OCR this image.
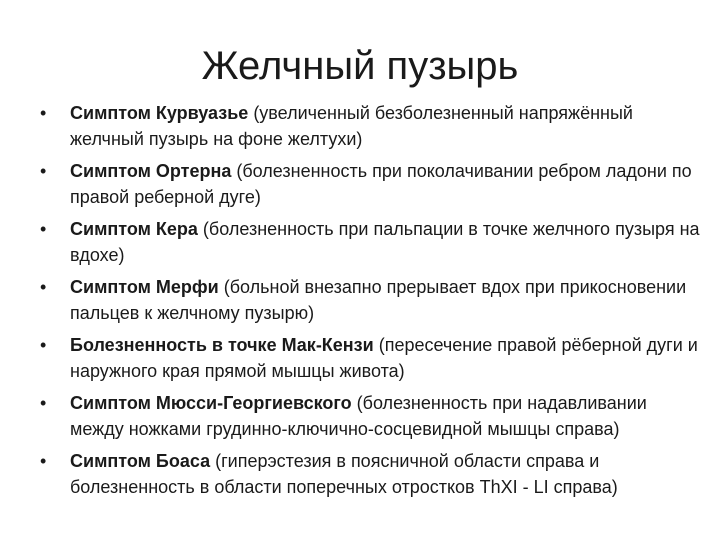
Желчный пузырь
•	Симптом Курвуазье (увеличенный безболезненный напряжённый желчный пузырь на фоне желтухи)
•	Симптом Ортерна (болезненность при поколачивании ребром ладони по правой реберной дуге)
•	Симптом Кера (болезненность при пальпации в точке желчного пузыря на вдохе)
•	Симптом Мерфи (больной внезапно прерывает вдох при прикосновении пальцев к желчному пузырю)
•	Болезненность в точке Мак-Кензи (пересечение правой рёберной дуги и наружного края прямой мышцы живота)
•	Симптом Мюсси-Георгиевского (болезненность при надавливании между ножками грудинно-ключично-сосцевидной мышцы справа)
•	Симптом Боаса (гиперэстезия в поясничной области справа и болезненность в области поперечных отростков ThXI - LI справа)
